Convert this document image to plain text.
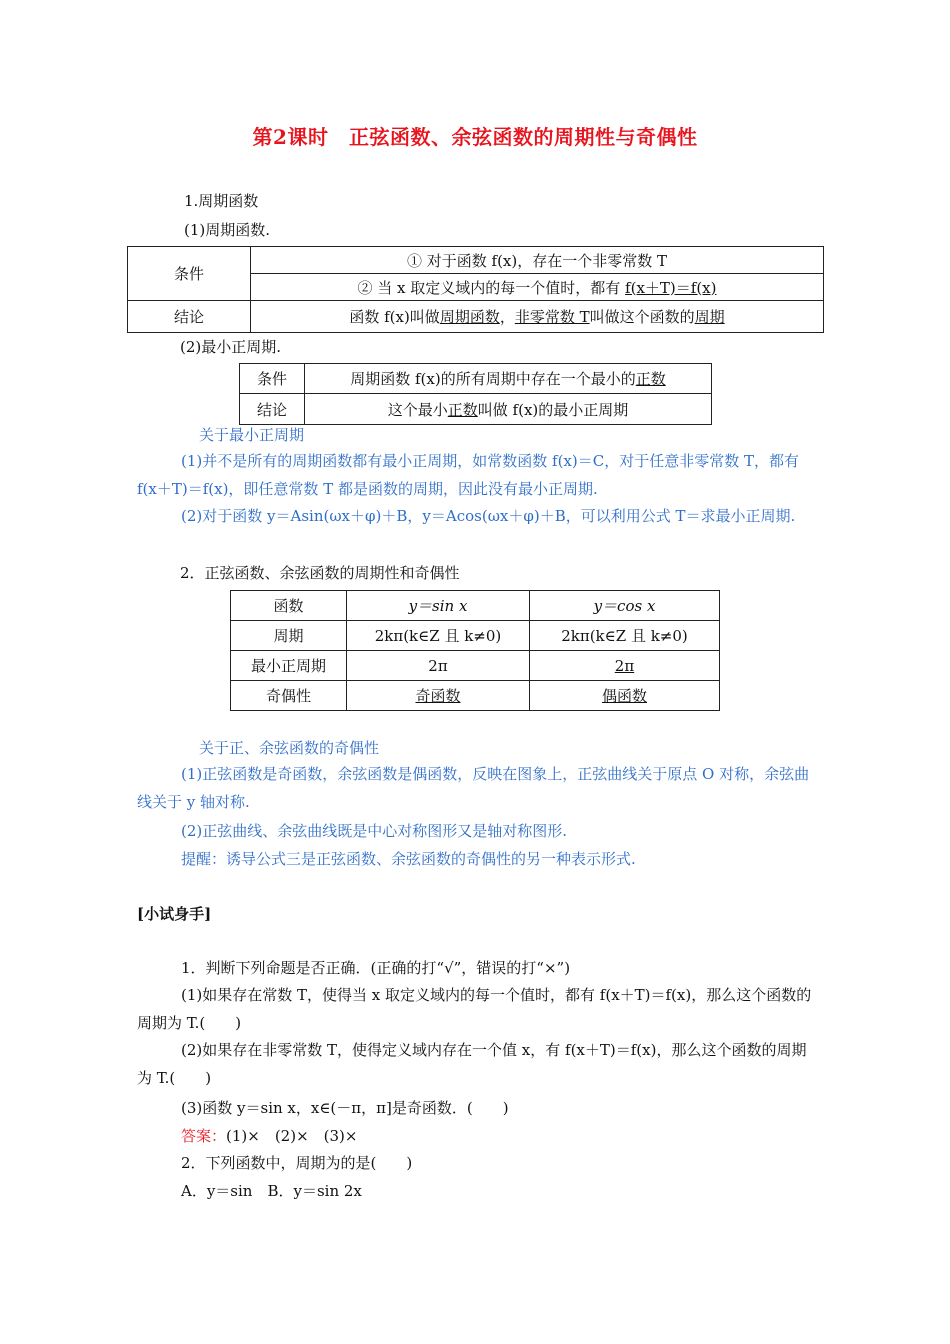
第2课时　正弦函数、余弦函数的周期性与奇偶性
1.周期函数
(1)周期函数.
条件	① 对于函数 f(x)，存在一个非零常数 T
	② 当 x 取定义域内的每一个值时，都有 f(x＋T)＝f(x)
结论	函数 f(x)叫做周期函数，非零常数 T叫做这个函数的周期
(2)最小正周期.
条件	周期函数 f(x)的所有周期中存在一个最小的正数
结论	这个最小正数叫做 f(x)的最小正周期
关于最小正周期
(1)并不是所有的周期函数都有最小正周期，如常数函数 f(x)＝C，对于任意非零常数 T，都有 f(x＋T)＝f(x)，即任意常数 T 都是函数的周期，因此没有最小正周期.
(2)对于函数 y＝Asin(ωx＋φ)＋B，y＝Acos(ωx＋φ)＋B，可以利用公式 T＝求最小正周期.
2．正弦函数、余弦函数的周期性和奇偶性
函数	y＝sin x	y＝cos x
周期	2kπ(k∈Z 且 k≠0)	2kπ(k∈Z 且 k≠0)
最小正周期	2π	2π
奇偶性	奇函数	偶函数
关于正、余弦函数的奇偶性
(1)正弦函数是奇函数，余弦函数是偶函数，反映在图象上，正弦曲线关于原点 O 对称，余弦曲线关于 y 轴对称.
(2)正弦曲线、余弦曲线既是中心对称图形又是轴对称图形.
提醒：诱导公式三是正弦函数、余弦函数的奇偶性的另一种表示形式.
[小试身手]
1．判断下列命题是否正确．(正确的打“√”，错误的打“×”)
(1)如果存在常数 T，使得当 x 取定义域内的每一个值时，都有 f(x＋T)＝f(x)，那么这个函数的周期为 T.(　　)
(2)如果存在非零常数 T，使得定义域内存在一个值 x，有 f(x＋T)＝f(x)，那么这个函数的周期为 T.(　　)
(3)函数 y＝sin x，x∈(－π，π]是奇函数．(　　)
答案：(1)×　(2)×　(3)×
2．下列函数中，周期为的是(　　)
A．y＝sin　B．y＝sin 2x
